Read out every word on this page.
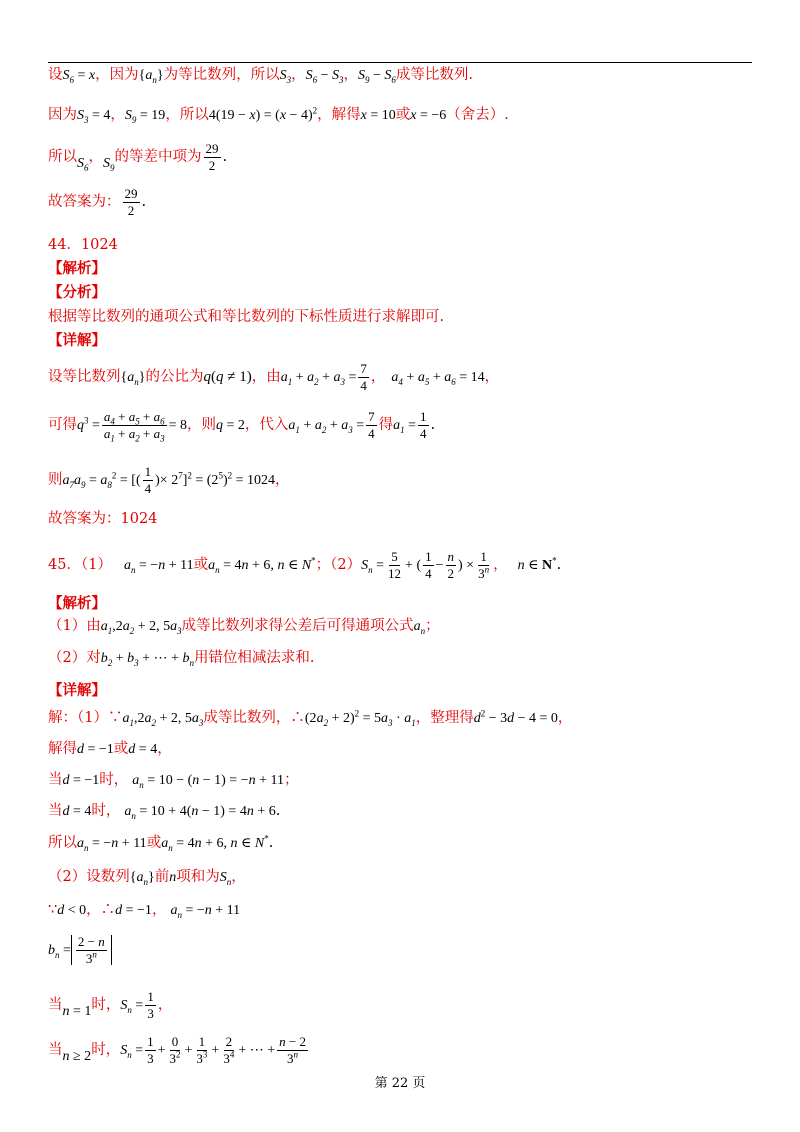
设$S_6 = x$，因为$\{a_n\}$为等比数列，所以$S_3$，$S_6 - S_3$，$S_9 - S_6$成等比数列.
因为$S_3 = 4$，$S_9 = 19$，所以$4(19 - x) = (x - 4)^2$，解得x = 10或x = −6（舍去）.
所以$S_6$，$S_9$的等差中项为 $\frac{29}{2}$ .
故答案为： $\frac{29}{2}$ .
44．1024
【解析】
【分析】
根据等比数列的通项公式和等比数列的下标性质进行求解即可.
【详解】
设等比数列$\{a_n\}$的公比为q(q ≠ 1)，由$a_1 + a_2 + a_3 = \frac{7}{4}$ ， $a_4 + a_5 + a_6 = 14$，
可得$q^3 = \frac{a_4 + a_5 + a_6}{a_1 + a_2 + a_3} = 8$，则q = 2，代入$a_1 + a_2 + a_3 = \frac{7}{4}$ 得$a_1 = \frac{1}{4}$ .
则$a_7a_9 = a_8^2$ = [( $\frac{1}{4}$ )× $2^7]^2 = (2^5)^2 = 1024$，
故答案为：1024
45．（1） $a_n = -n + 11$或$a_n = 4n + 6$, n ∈ N*；$(2)S_n = \frac{5}{12}$ + ( $\frac{1}{4} - \frac{n}{2}$ ) × $\frac{1}{3^n}$ ， n ∈ N*.
【解析】
（1）由$a_1,2a_2 + 2$, $5a_3$成等比数列求得公差后可得通项公式$a_n$；
（2）对$b_2 + b_3$ + ⋯ + $b_n$用错位相减法求和.
【详解】
解：$(1)\because a_1,2a_2 + 2$, $5a_3$成等比数列，$\therefore(2a_2 + 2)^2 = 5a_3 \cdot a_1$，整理得$d^2 - 3d - 4 = 0$，
解得d = −1或d = 4，
当d = −1时， $a_n = 10 - (n - 1) = -n + 11$；
当d = 4时， $a_n = 10 + 4(n - 1) = 4n + 6$.
所以$a_n = -n + 11$或$a_n = 4n + 6$, n ∈ N*.
（2）设数列$\{a_n\}$前n项和为$S_n$，
∵d < 0，∴d = −1， $a_n = -n + 11$
$b_n = \frac{2 - n}{3^n}$
当n = 1时，$S_n = \frac{1}{3}$ ，
当n ≥ 2时，$S_n = \frac{1}{3} + \frac{0}{3^2} + \frac{1}{3^3} + \frac{2}{3^4}$ + ⋯ + $\frac{n - 2}{3^n}$
第 22 页
